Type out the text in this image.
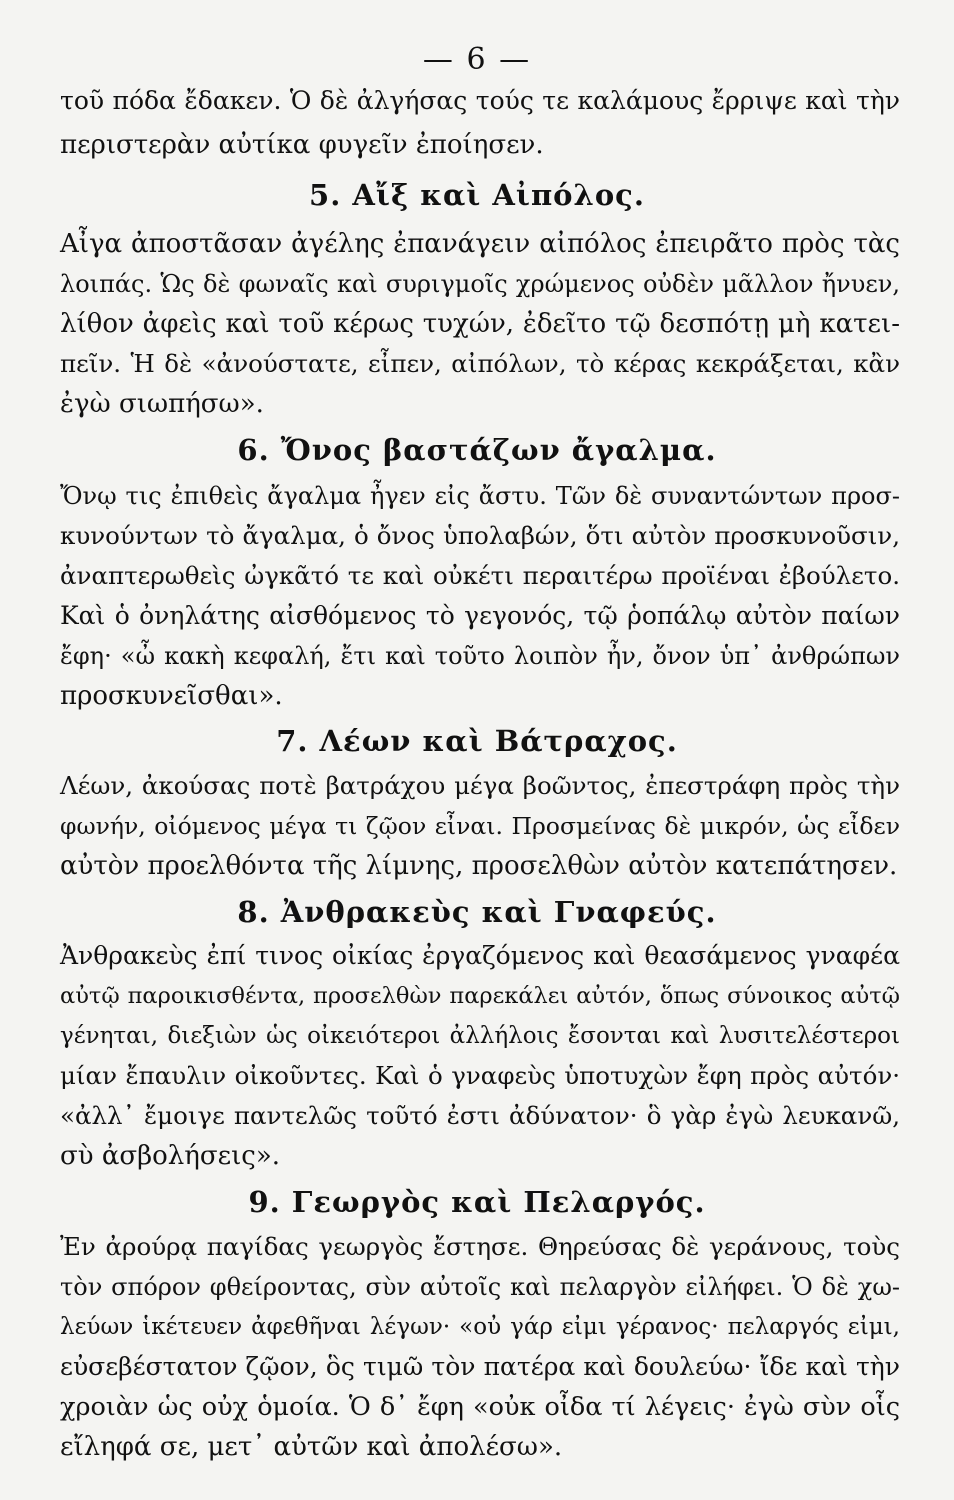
— 6 —
τοῦ πόδα ἔδακεν. Ὁ δὲ ἀλγήσας τούς τε καλάμους ἔρριψε καὶ τὴν
περιστερὰν αὐτίκα φυγεῖν ἐποίησεν.
5. Αἴξ καὶ Αἰπόλος.
Αἶγα ἀποστᾶσαν ἀγέλης ἐπανάγειν αἰπόλος ἐπειρᾶτο πρὸς τὰς
λοιπάς. Ὡς δὲ φωναῖς καὶ συριγμοῖς χρώμενος οὐδὲν μᾶλλον ἤνυεν,
λίθον ἀφεὶς καὶ τοῦ κέρως τυχών, ἐδεῖτο τῷ δεσπότῃ μὴ κατει-
πεῖν. Ἡ δὲ «ἀνούστατε, εἶπεν, αἰπόλων, τὸ κέρας κεκράξεται, κἂν
ἐγὼ σιωπήσω».
6. Ὄνος βαστάζων ἄγαλμα.
Ὄνῳ τις ἐπιθεὶς ἄγαλμα ἦγεν εἰς ἄστυ. Τῶν δὲ συναντώντων προσ-
κυνούντων τὸ ἄγαλμα, ὁ ὄνος ὑπολαβών, ὅτι αὐτὸν προσκυνοῦσιν,
ἀναπτερωθεὶς ὠγκᾶτό τε καὶ οὐκέτι περαιτέρω προϊέναι ἐβούλετο.
Καὶ ὁ ὀνηλάτης αἰσθόμενος τὸ γεγονός, τῷ ῥοπάλῳ αὐτὸν παίων
ἔφη· «ὦ κακὴ κεφαλή, ἔτι καὶ τοῦτο λοιπὸν ἦν, ὄνον ὑπ᾽ ἀνθρώπων
προσκυνεῖσθαι».
7. Λέων καὶ Βάτραχος.
Λέων, ἀκούσας ποτὲ βατράχου μέγα βοῶντος, ἐπεστράφη πρὸς τὴν
φωνήν, οἰόμενος μέγα τι ζῷον εἶναι. Προσμείνας δὲ μικρόν, ὡς εἶδεν
αὐτὸν προελθόντα τῆς λίμνης, προσελθὼν αὐτὸν κατεπάτησεν.
8. Ἀνθρακεὺς καὶ Γναφεύς.
Ἀνθρακεὺς ἐπί τινος οἰκίας ἐργαζόμενος καὶ θεασάμενος γναφέα
αὐτῷ παροικισθέντα, προσελθὼν παρεκάλει αὐτόν, ὅπως σύνοικος αὐτῷ
γένηται, διεξιὼν ὡς οἰκειότεροι ἀλλήλοις ἔσονται καὶ λυσιτελέστεροι
μίαν ἔπαυλιν οἰκοῦντες. Καὶ ὁ γναφεὺς ὑποτυχὼν ἔφη πρὸς αὐτόν·
«ἀλλ᾽ ἔμοιγε παντελῶς τοῦτό ἐστι ἀδύνατον· ὃ γὰρ ἐγὼ λευκανῶ,
σὺ ἀσβολήσεις».
9. Γεωργὸς καὶ Πελαργός.
Ἐν ἀρούρᾳ παγίδας γεωργὸς ἔστησε. Θηρεύσας δὲ γεράνους, τοὺς
τὸν σπόρον φθείροντας, σὺν αὐτοῖς καὶ πελαργὸν εἰλήφει. Ὁ δὲ χω-
λεύων ἱκέτευεν ἀφεθῆναι λέγων· «οὐ γάρ εἰμι γέρανος· πελαργός εἰμι,
εὐσεβέστατον ζῷον, ὃς τιμῶ τὸν πατέρα καὶ δουλεύω· ἴδε καὶ τὴν
χροιὰν ὡς οὐχ ὁμοία. Ὁ δ᾽ ἔφη «οὐκ οἶδα τί λέγεις· ἐγὼ σὺν οἷς
εἴληφά σε, μετ᾽ αὐτῶν καὶ ἀπολέσω».
